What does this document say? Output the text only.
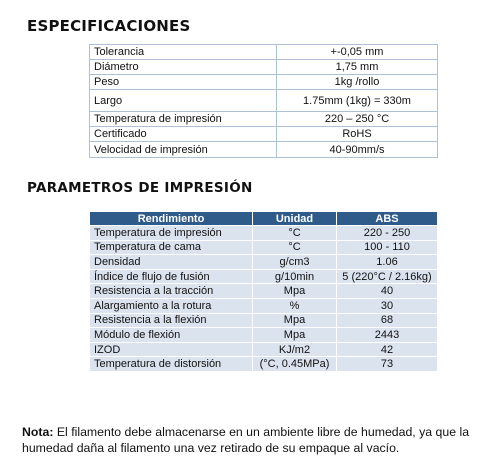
ESPECIFICACIONES
Tolerancia	+-0,05 mm
Diámetro	1,75 mm
Peso	1kg /rollo
Largo	1.75mm (1kg) = 330m
Temperatura de impresión	220 – 250 °C
Certificado	RoHS
Velocidad de impresión	40-90mm/s
PARAMETROS DE IMPRESIÓN
Rendimiento	Unidad	ABS
Temperatura de impresión	°C	220 - 250
Temperatura de cama	°C	100 - 110
Densidad	g/cm3	1.06
Índice de flujo de fusión	g/10min	5 (220°C / 2.16kg)
Resistencia a la tracción	Mpa	40
Alargamiento a la rotura	%	30
Resistencia a la flexión	Mpa	68
Módulo de flexión	Mpa	2443
IZOD	KJ/m2	42
Temperatura de distorsión	(°C, 0.45MPa)	73
Nota: El filamento debe almacenarse en un ambiente libre de humedad, ya que la humedad daña al filamento una vez retirado de su empaque al vacío.
